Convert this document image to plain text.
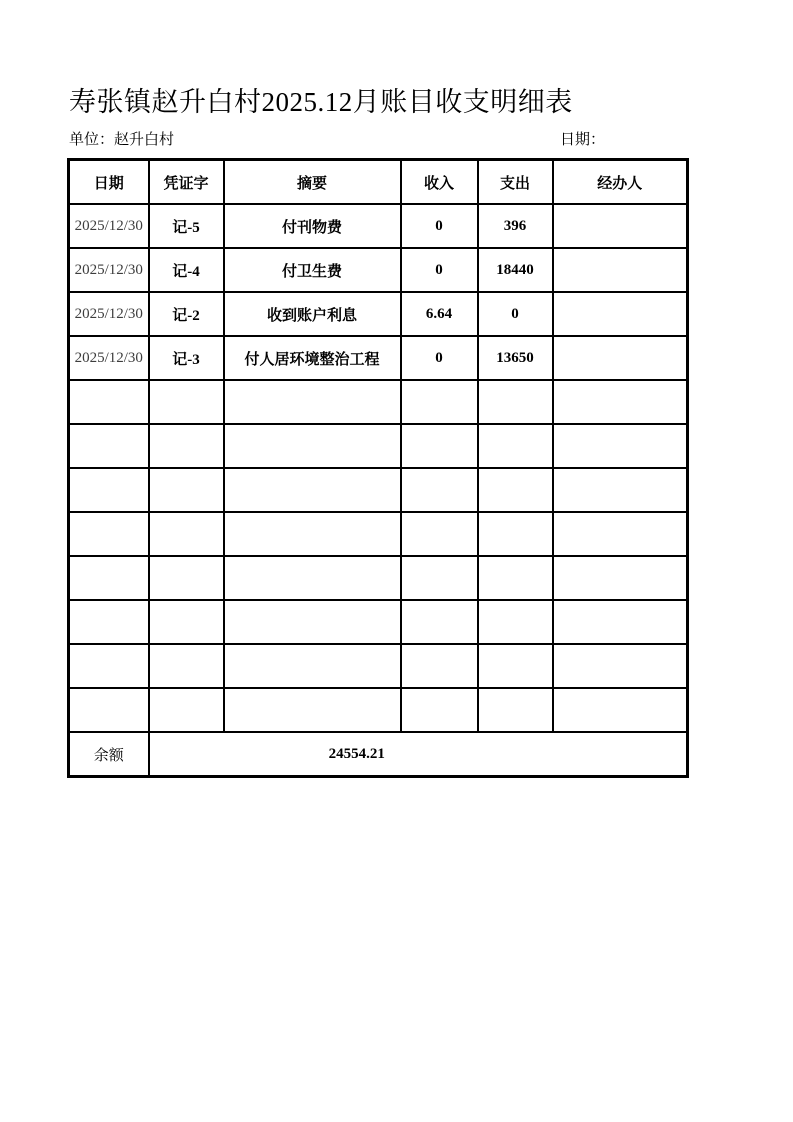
寿张镇赵升白村2025.12月账目收支明细表
单位：赵升白村	日期：
日期	凭证字	摘要	收入	支出	经办人
2025/12/30	记-5	付刊物费	0	396	
2025/12/30	记-4	付卫生费	0	18440	
2025/12/30	记-2	收到账户利息	6.64	0	
2025/12/30	记-3	付人居环境整治工程	0	13650	

余额	24554.21				
